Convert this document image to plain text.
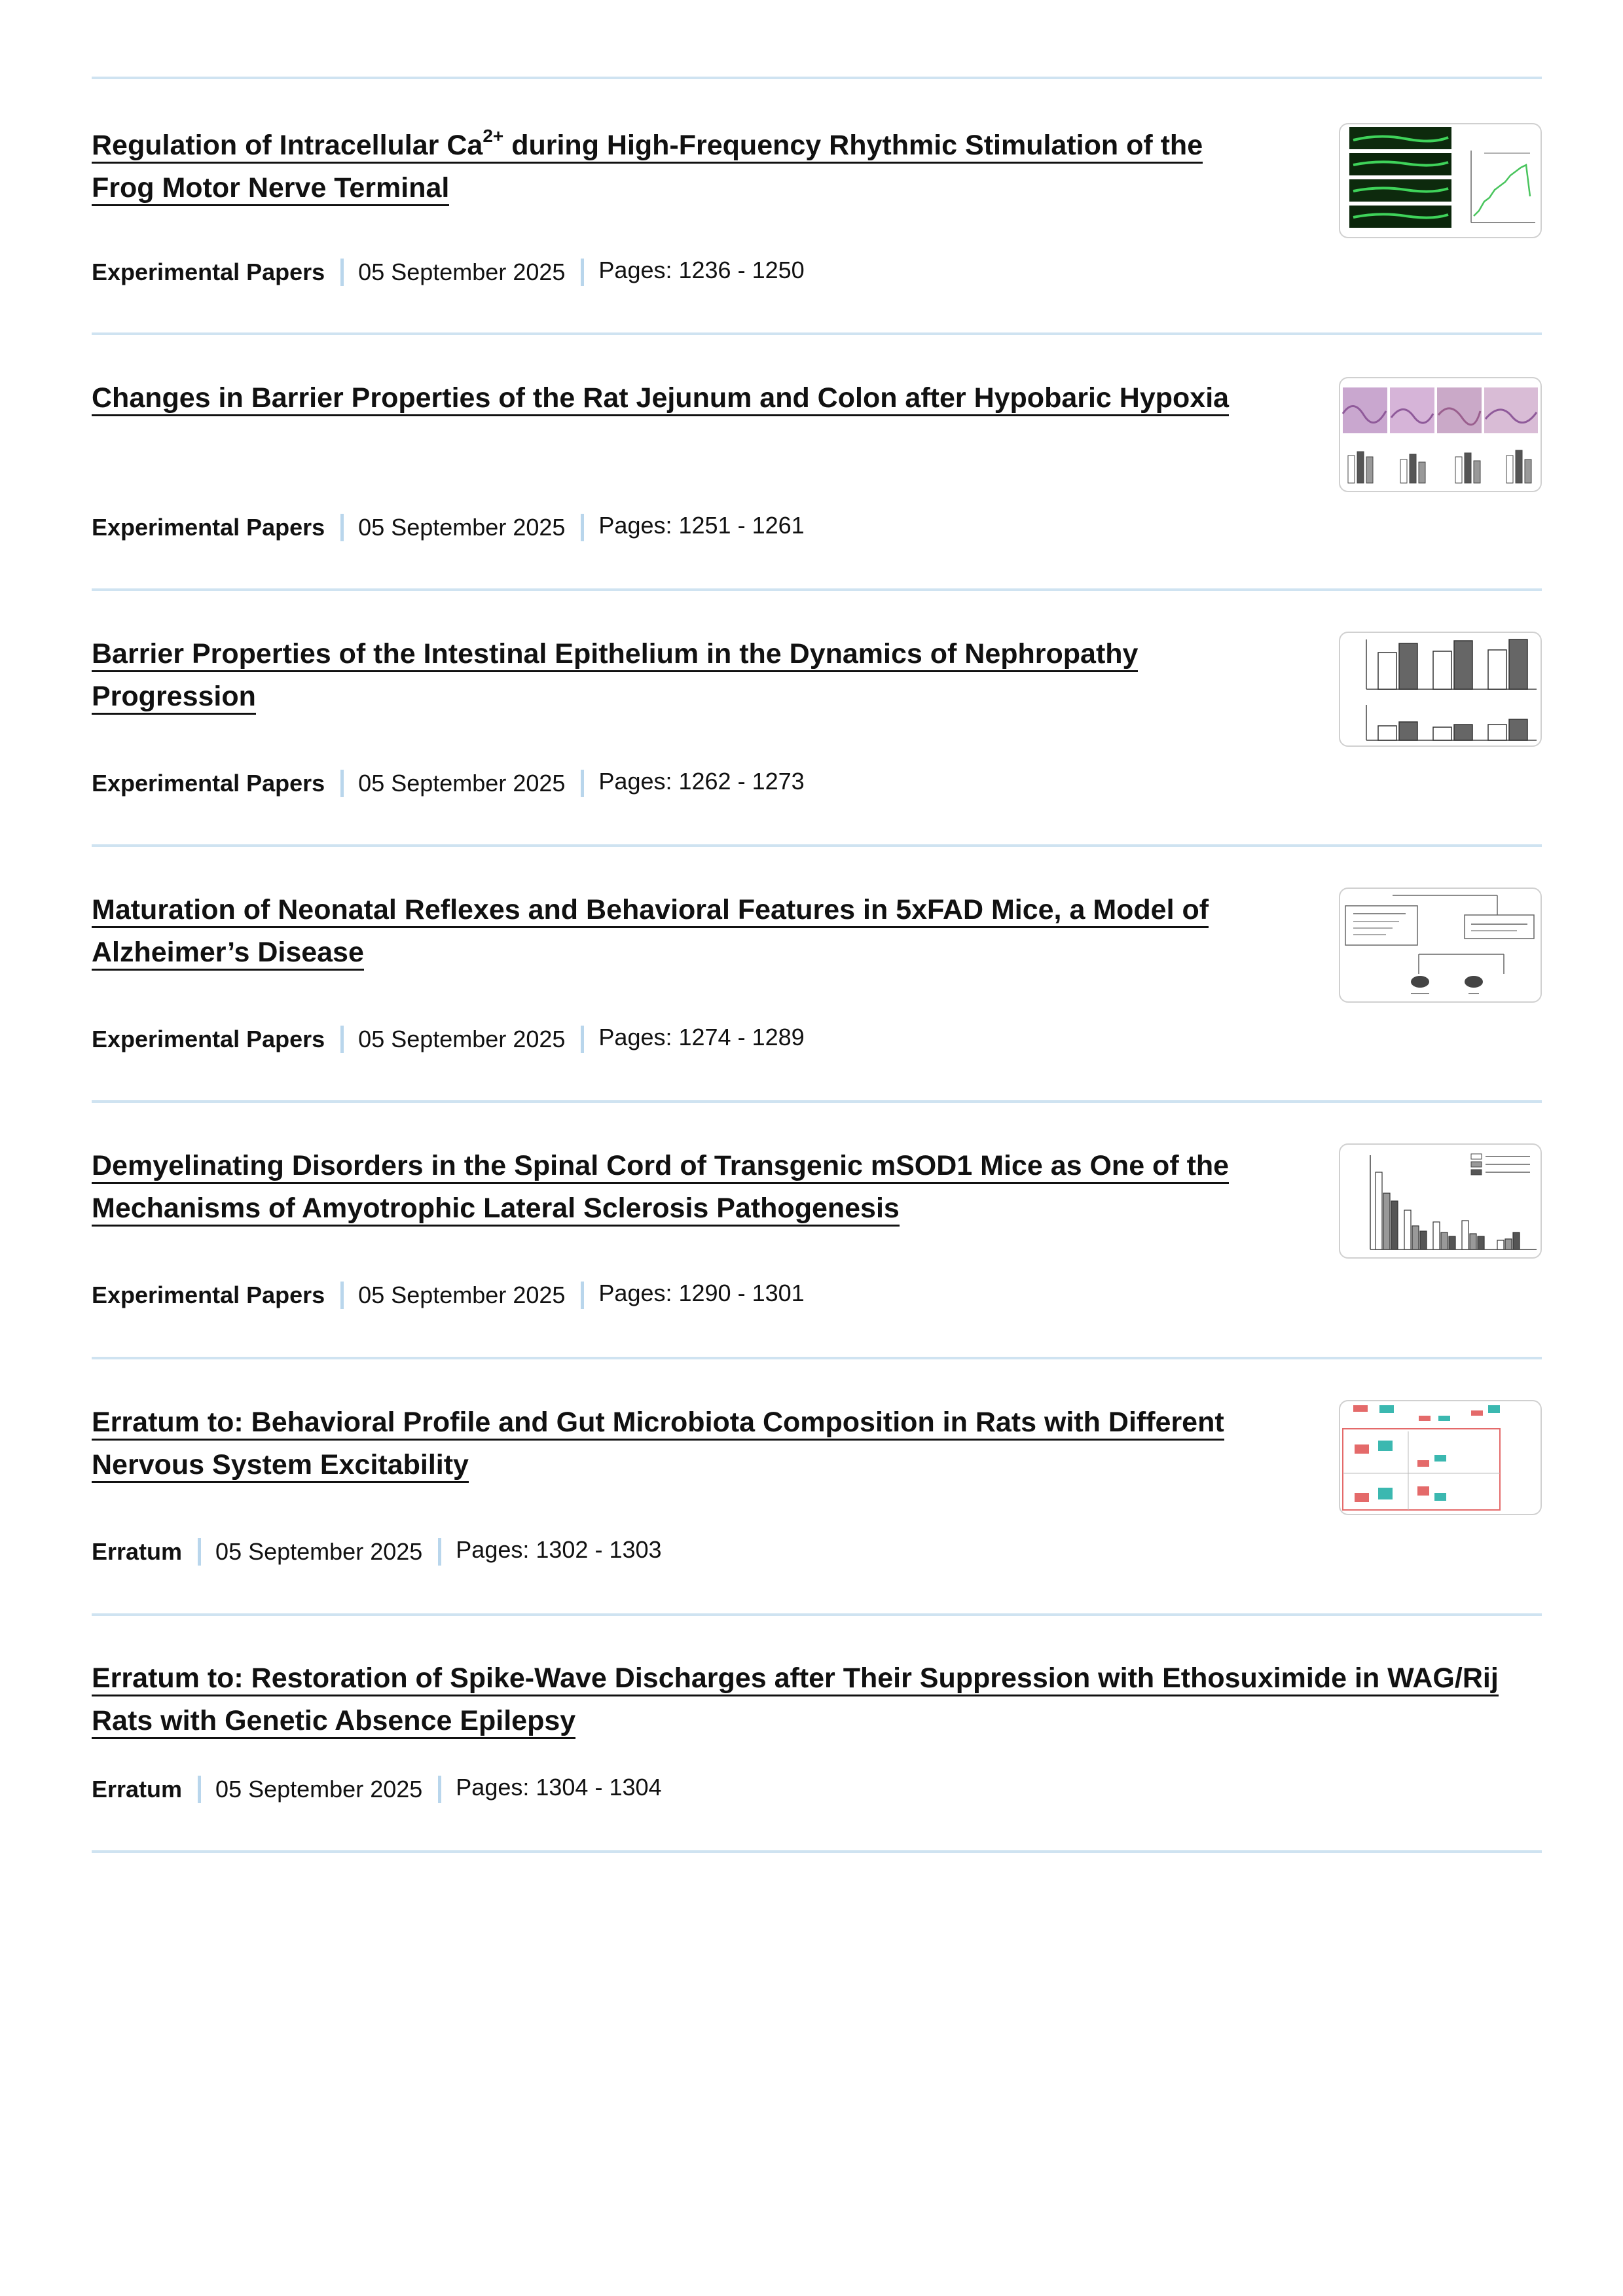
Regulation of Intracellular Ca$^{2+}$ during High-Frequency Rhythmic Stimulation of the Frog Motor Nerve Terminal
Experimental Papers 05 September 2025 Pages: 1236 - 1250
Changes in Barrier Properties of the Rat Jejunum and Colon after Hypobaric Hypoxia
Experimental Papers 05 September 2025 Pages: 1251 - 1261
Barrier Properties of the Intestinal Epithelium in the Dynamics of Nephropathy Progression
Experimental Papers 05 September 2025 Pages: 1262 - 1273
Maturation of Neonatal Reflexes and Behavioral Features in 5xFAD Mice, a Model of Alzheimer’s Disease
Experimental Papers 05 September 2025 Pages: 1274 - 1289
Demyelinating Disorders in the Spinal Cord of Transgenic mSOD1 Mice as One of the Mechanisms of Amyotrophic Lateral Sclerosis Pathogenesis
Experimental Papers 05 September 2025 Pages: 1290 - 1301
Erratum to: Behavioral Profile and Gut Microbiota Composition in Rats with Different Nervous System Excitability
Erratum 05 September 2025 Pages: 1302 - 1303
Erratum to: Restoration of Spike-Wave Discharges after Their Suppression with Ethosuximide in WAG/Rij Rats with Genetic Absence Epilepsy
Erratum 05 September 2025 Pages: 1304 - 1304
